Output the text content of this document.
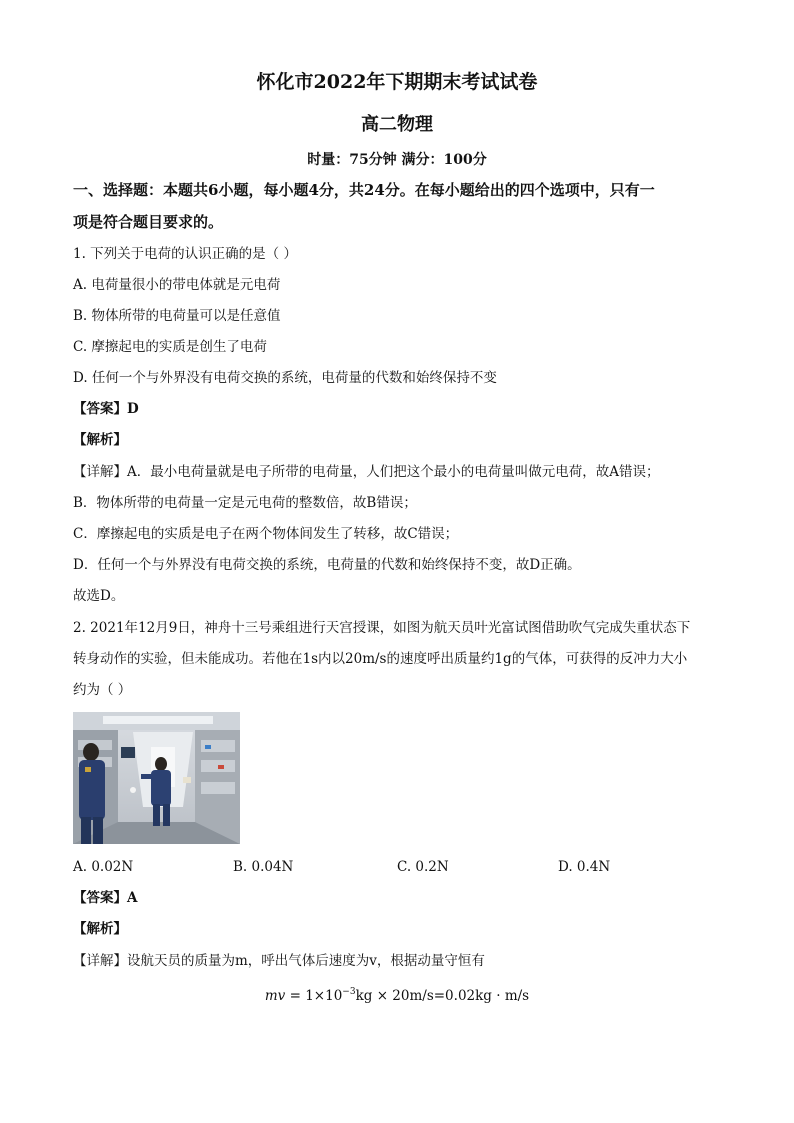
怀化市2022年下期期末考试试卷
高二物理
时量：75分钟 满分：100分
一、选择题：本题共6小题，每小题4分，共24分。在每小题给出的四个选项中，只有一
项是符合题目要求的。
1. 下列关于电荷的认识正确的是（ ）
A. 电荷量很小的带电体就是元电荷
B. 物体所带的电荷量可以是任意值
C. 摩擦起电的实质是创生了电荷
D. 任何一个与外界没有电荷交换的系统，电荷量的代数和始终保持不变
【答案】D
【解析】
【详解】A．最小电荷量就是电子所带的电荷量，人们把这个最小的电荷量叫做元电荷，故A错误；
B．物体所带的电荷量一定是元电荷的整数倍，故B错误；
C．摩擦起电的实质是电子在两个物体间发生了转移，故C错误；
D．任何一个与外界没有电荷交换的系统，电荷量的代数和始终保持不变，故D正确。
故选D。
2. 2021年12月9日，神舟十三号乘组进行天宫授课，如图为航天员叶光富试图借助吹气完成失重状态下
转身动作的实验，但未能成功。若他在1s内以20m/s的速度呼出质量约1g的气体，可获得的反冲力大小
约为（ ）
A. 0.02N	B. 0.04N	C. 0.2N	D. 0.4N
【答案】A
【解析】
【详解】设航天员的质量为m，呼出气体后速度为v，根据动量守恒有
mv = $1\times 10^{-3}kg \times 20m/s=0.02kg \cdot m/s$
